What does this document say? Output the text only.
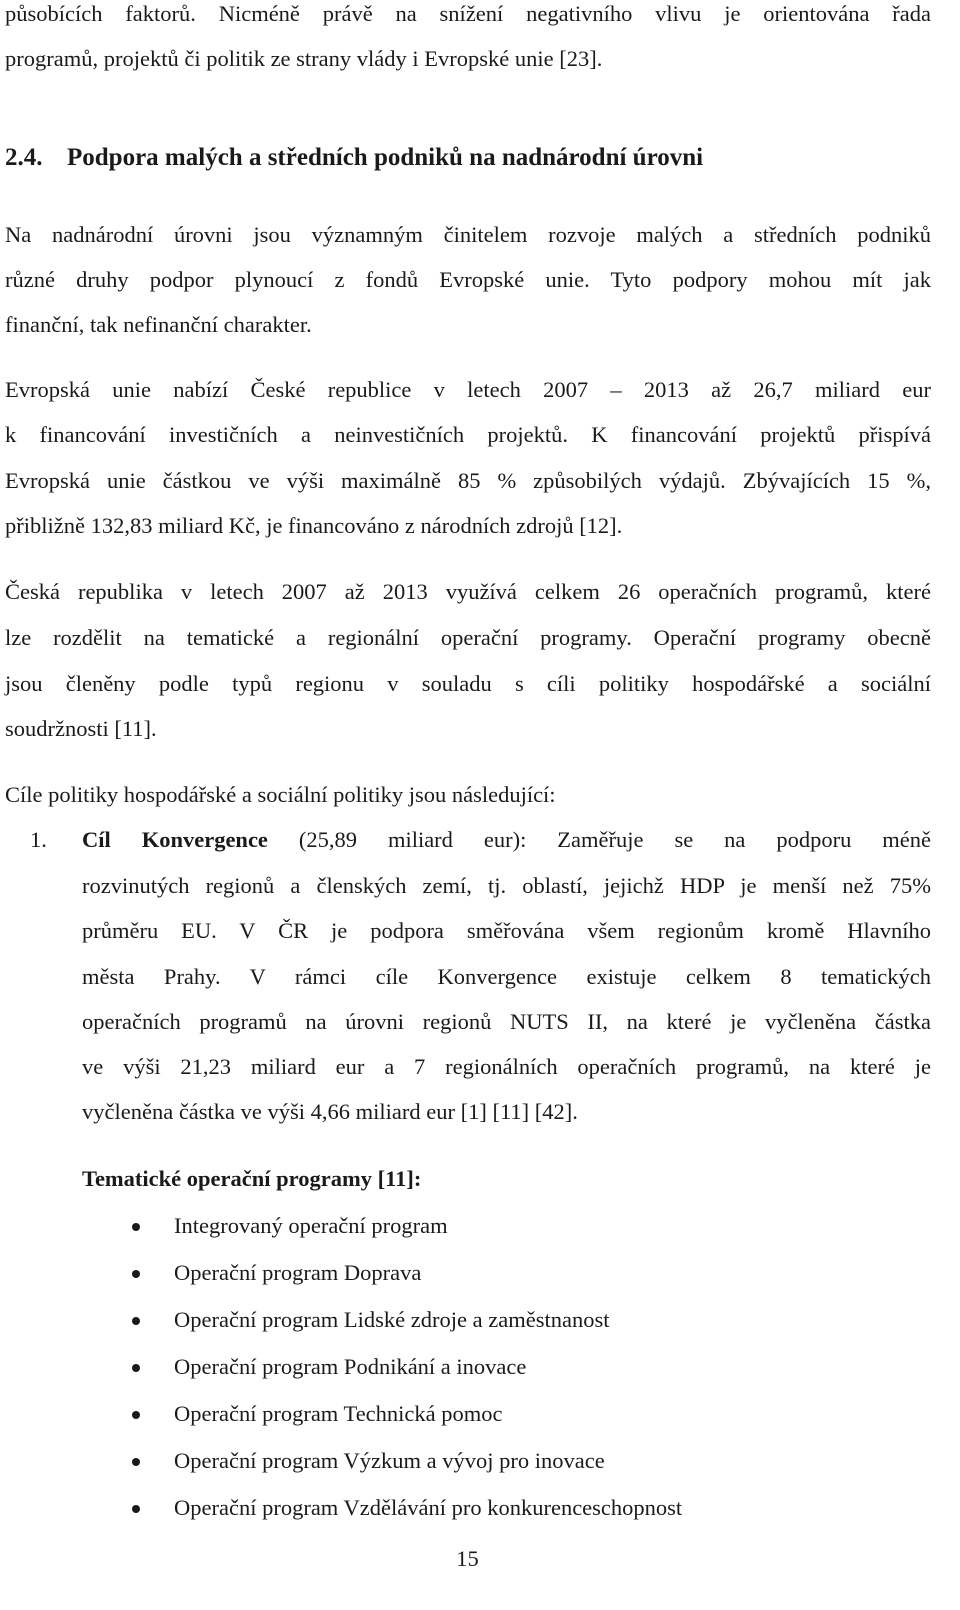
působících faktorů. Nicméně právě na snížení negativního vlivu je orientována řada
programů, projektů či politik ze strany vlády i Evropské unie [23].
2.4. Podpora malých a středních podniků na nadnárodní úrovni
Na nadnárodní úrovni jsou významným činitelem rozvoje malých a středních podniků
různé druhy podpor plynoucí z fondů Evropské unie. Tyto podpory mohou mít jak
finanční, tak nefinanční charakter.
Evropská unie nabízí České republice v letech 2007 – 2013 až 26,7 miliard eur
k financování investičních a neinvestičních projektů. K financování projektů přispívá
Evropská unie částkou ve výši maximálně 85 % způsobilých výdajů. Zbývajících 15 %,
přibližně 132,83 miliard Kč, je financováno z národních zdrojů [12].
Česká republika v letech 2007 až 2013 využívá celkem 26 operačních programů, které
lze rozdělit na tematické a regionální operační programy. Operační programy obecně
jsou členěny podle typů regionu v souladu s cíli politiky hospodářské a sociální
soudržnosti [11].
Cíle politiky hospodářské a sociální politiky jsou následující:
1. Cíl Konvergence (25,89 miliard eur): Zaměřuje se na podporu méně
rozvinutých regionů a členských zemí, tj. oblastí, jejichž HDP je menší než 75%
průměru EU. V ČR je podpora směřována všem regionům kromě Hlavního
města Prahy. V rámci cíle Konvergence existuje celkem 8 tematických
operačních programů na úrovni regionů NUTS II, na které je vyčleněna částka
ve výši 21,23 miliard eur a 7 regionálních operačních programů, na které je
vyčleněna částka ve výši 4,66 miliard eur [1] [11] [42].
Tematické operační programy [11]:
Integrovaný operační program
Operační program Doprava
Operační program Lidské zdroje a zaměstnanost
Operační program Podnikání a inovace
Operační program Technická pomoc
Operační program Výzkum a vývoj pro inovace
Operační program Vzdělávání pro konkurenceschopnost
15
